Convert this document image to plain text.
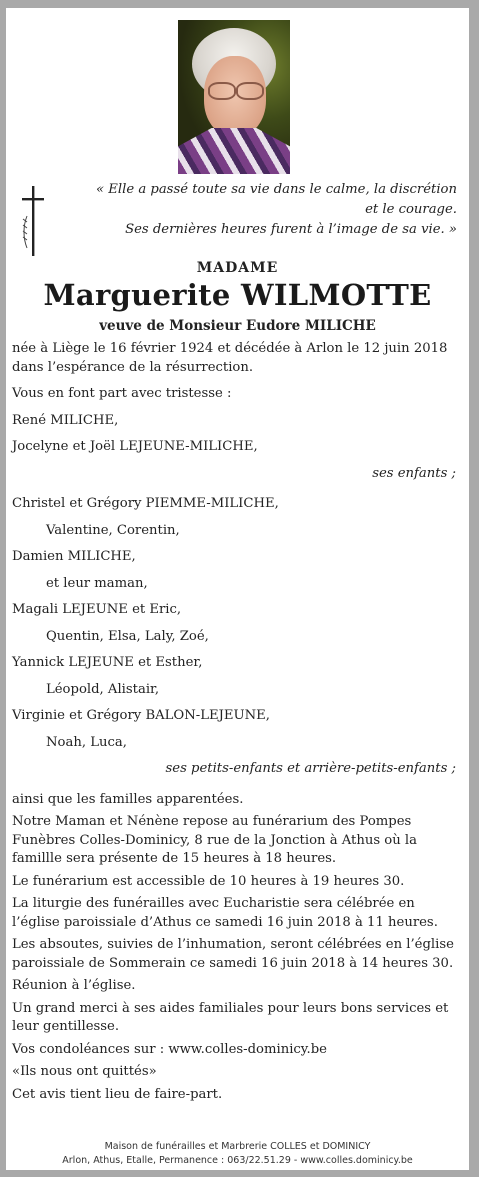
« Elle a passé toute sa vie dans le calme, la discrétion
et le courage.
Ses dernières heures furent à l’image de sa vie. »
MADAME
Marguerite WILMOTTE
veuve de Monsieur Eudore MILICHE

née à Liège le 16 février 1924 et décédée à Arlon le 12 juin 2018 dans l’espérance de la résurrection.

Vous en font part avec tristesse :

René MILICHE,

Jocelyne et Joël LEJEUNE-MILICHE,

ses enfants ;

Christel et Grégory PIEMME-MILICHE,

Valentine, Corentin,

Damien MILICHE,

et leur maman,

Magali LEJEUNE et Eric,

Quentin, Elsa, Laly, Zoé,

Yannick LEJEUNE et Esther,

Léopold, Alistair,

Virginie et Grégory BALON-LEJEUNE,

Noah, Luca,

ses petits-enfants et arrière-petits-enfants ;

ainsi que les familles apparentées.

Notre Maman et Nénène repose au funérarium des Pompes Funèbres Colles-Dominicy, 8 rue de la Jonction à Athus où la famillle sera présente de 15 heures à 18 heures.

Le funérarium est accessible de 10 heures à 19 heures 30.

La liturgie des funérailles avec Eucharistie sera célébrée en l’église paroissiale d’Athus ce samedi 16 juin 2018 à 11 heures.

Les absoutes, suivies de l’inhumation, seront célébrées en l’église paroissiale de Sommerain ce samedi 16 juin 2018 à 14 heures 30.

Réunion à l’église.

Un grand merci à ses aides familiales pour leurs bons services et leur gentillesse.

Vos condoléances sur : www.colles-dominicy.be

«Ils nous ont quittés»

Cet avis tient lieu de faire-part.

Maison de funérailles et Marbrerie COLLES et DOMINICY
Arlon, Athus, Etalle, Permanence : 063/22.51.29 - www.colles.dominicy.be
